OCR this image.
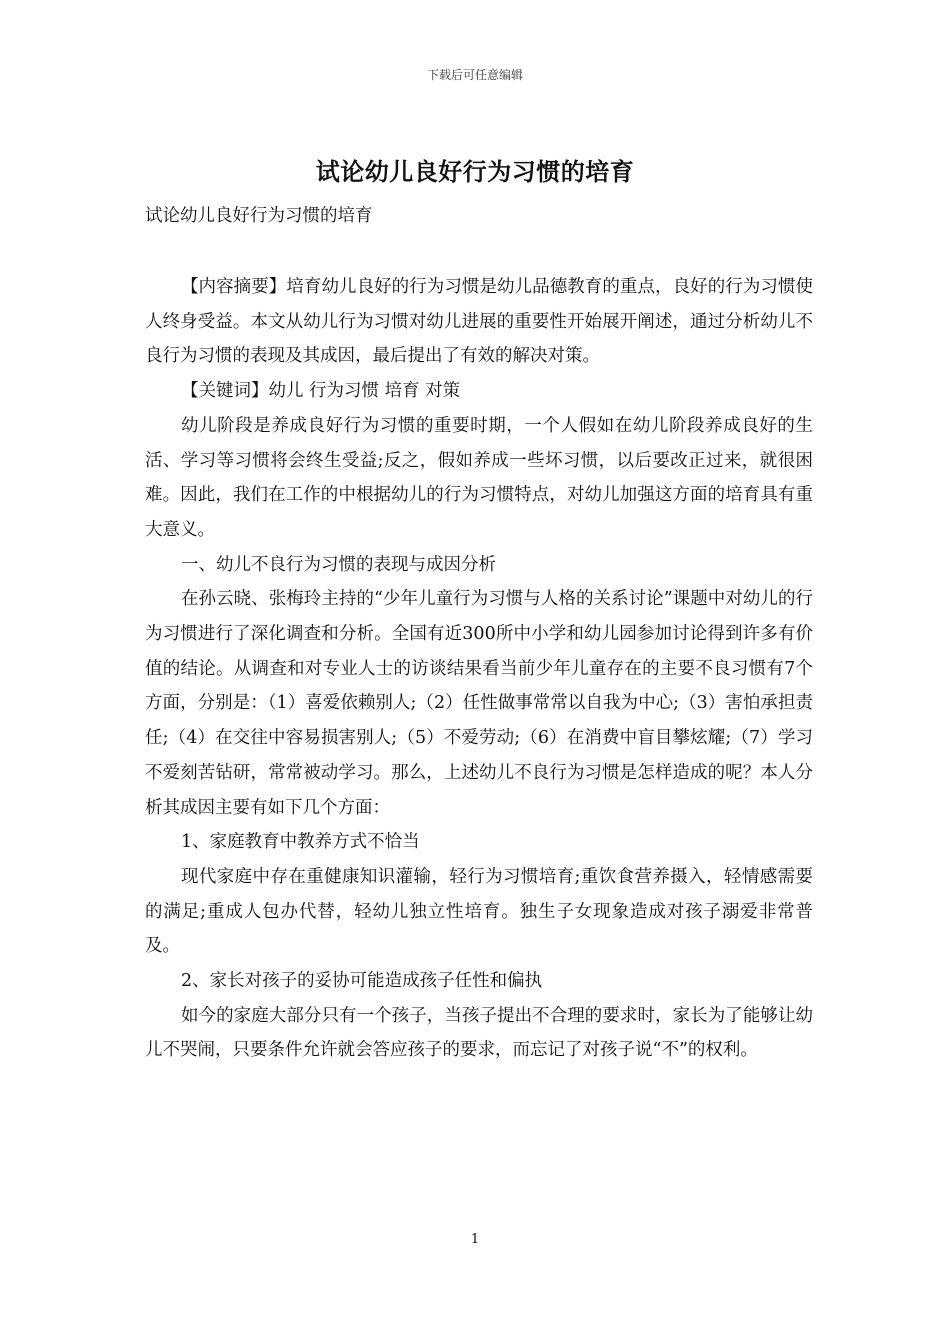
下载后可任意编辑
试论幼儿良好行为习惯的培育
试论幼儿良好行为习惯的培育

【内容摘要】培育幼儿良好的行为习惯是幼儿品德教育的重点，良好的行为习惯使人终身受益。本文从幼儿行为习惯对幼儿进展的重要性开始展开阐述，通过分析幼儿不良行为习惯的表现及其成因，最后提出了有效的解决对策。

【关键词】幼儿 行为习惯 培育 对策

幼儿阶段是养成良好行为习惯的重要时期，一个人假如在幼儿阶段养成良好的生活、学习等习惯将会终生受益;反之，假如养成一些坏习惯，以后要改正过来，就很困难。因此，我们在工作的中根据幼儿的行为习惯特点，对幼儿加强这方面的培育具有重大意义。

一、幼儿不良行为习惯的表现与成因分析

在孙云晓、张梅玲主持的“少年儿童行为习惯与人格的关系讨论”课题中对幼儿的行为习惯进行了深化调查和分析。全国有近300所中小学和幼儿园参加讨论得到许多有价值的结论。从调查和对专业人士的访谈结果看当前少年儿童存在的主要不良习惯有7个方面，分别是：（1）喜爱依赖别人;（2）任性做事常常以自我为中心;（3）害怕承担责任;（4）在交往中容易损害别人;（5）不爱劳动;（6）在消费中盲目攀炫耀;（7）学习不爱刻苦钻研，常常被动学习。那么，上述幼儿不良行为习惯是怎样造成的呢？本人分析其成因主要有如下几个方面：

1、家庭教育中教养方式不恰当

现代家庭中存在重健康知识灌输，轻行为习惯培育;重饮食营养摄入，轻情感需要的满足;重成人包办代替，轻幼儿独立性培育。独生子女现象造成对孩子溺爱非常普及。

2、家长对孩子的妥协可能造成孩子任性和偏执

如今的家庭大部分只有一个孩子，当孩子提出不合理的要求时，家长为了能够让幼儿不哭闹，只要条件允许就会答应孩子的要求，而忘记了对孩子说“不”的权利。

1
